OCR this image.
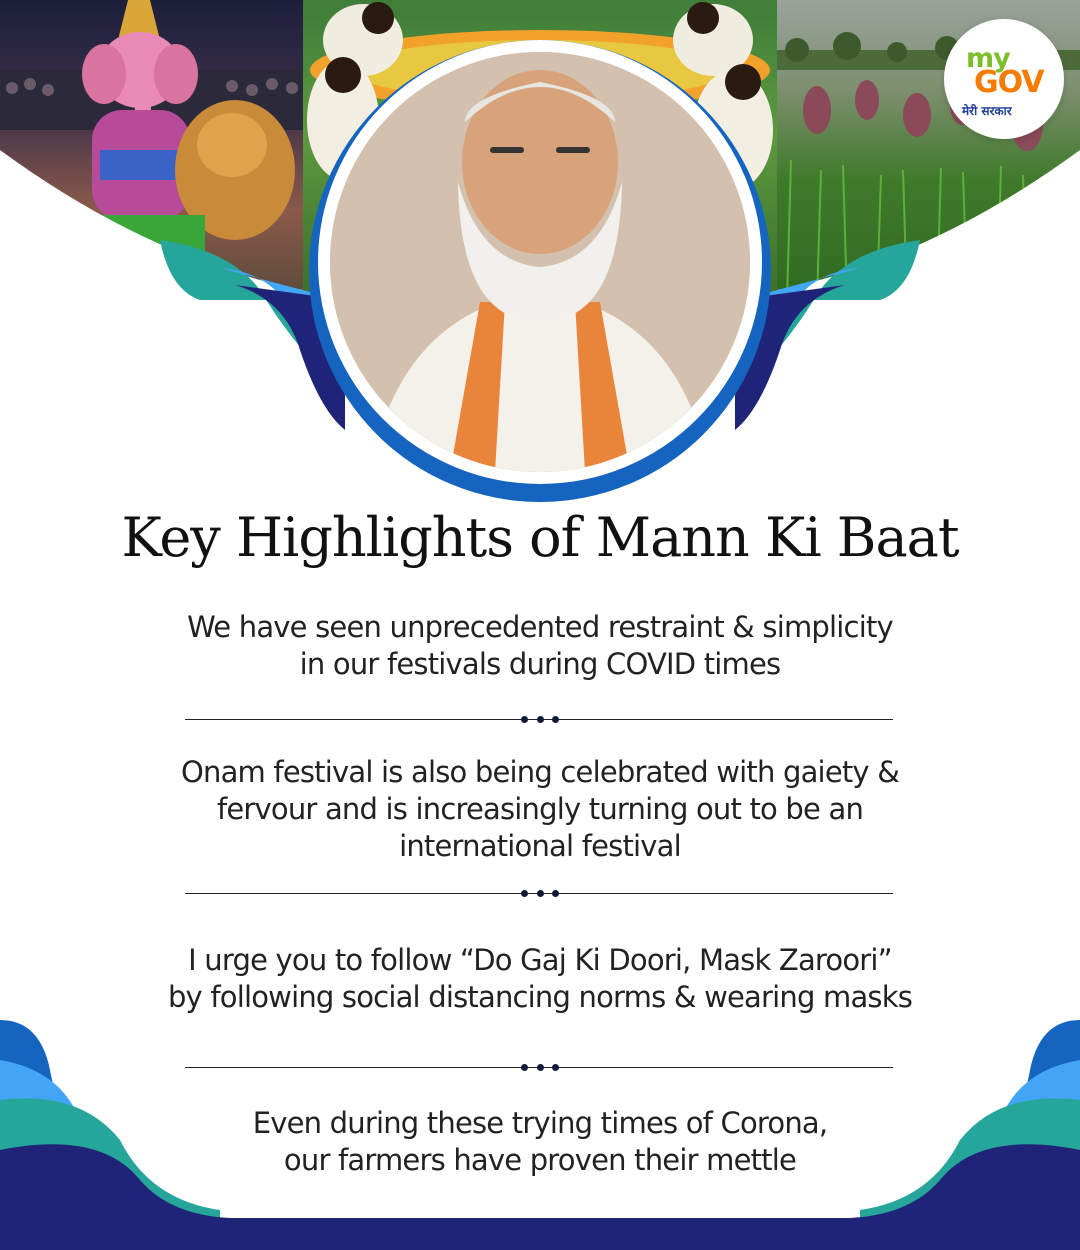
my
GOV
मेरी सरकार
Key Highlights of Mann Ki Baat
We have seen unprecedented restraint & simplicity
in our festivals during COVID times
Onam festival is also being celebrated with gaiety &
fervour and is increasingly turning out to be an
international festival
I urge you to follow “Do Gaj Ki Doori, Mask Zaroori”
by following social distancing norms & wearing masks
Even during these trying times of Corona,
our farmers have proven their mettle
